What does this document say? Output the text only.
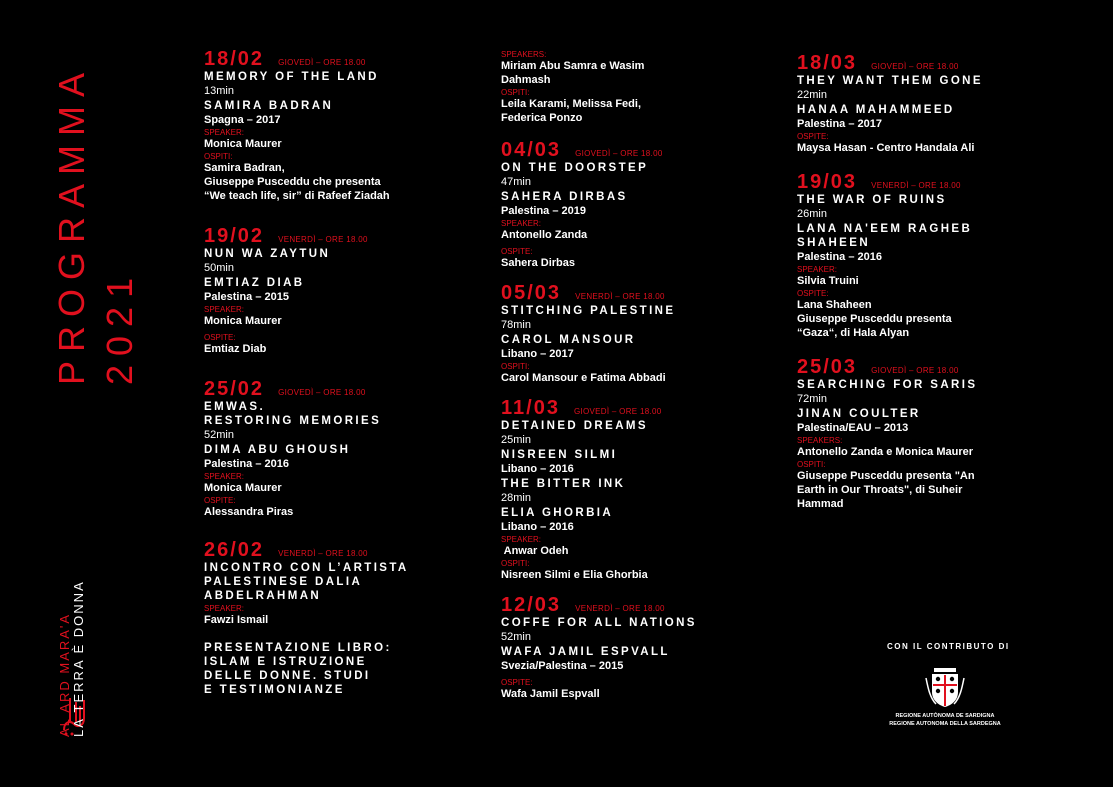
PROGRAMMA 2021
AL ARD MARA'A LA TERRA È DONNA
18/02 GIOVEDÌ – ORE 18.00
MEMORY OF THE LAND
13min
SAMIRA BADRAN
Spagna – 2017
SPEAKER:
Monica Maurer
OSPITI:
Samira Badran,
Giuseppe Pusceddu che presenta
“We teach life, sir” di Rafeef Ziadah
19/02 VENERDÌ – ORE 18.00
NUN WA ZAYTUN
50min
EMTIAZ DIAB
Palestina – 2015
SPEAKER:
Monica Maurer
OSPITE:
Emtiaz Diab
25/02 GIOVEDÌ – ORE 18.00
EMWAS.
RESTORING MEMORIES
52min
DIMA ABU GHOUSH
Palestina – 2016
SPEAKER:
Monica Maurer
OSPITE:
Alessandra Piras
26/02 VENERDÌ – ORE 18.00
INCONTRO CON L’ARTISTA
PALESTINESE DALIA
ABDELRAHMAN
SPEAKER:
Fawzi Ismail
PRESENTAZIONE LIBRO:
ISLAM E ISTRUZIONE
DELLE DONNE. STUDI
E TESTIMONIANZE
SPEAKERS:
Miriam Abu Samra e Wasim
Dahmash
OSPITI:
Leila Karami, Melissa Fedi,
Federica Ponzo
04/03 GIOVEDÌ – ORE 18.00
ON THE DOORSTEP
47min
SAHERA DIRBAS
Palestina – 2019
SPEAKER:
Antonello Zanda
OSPITE:
Sahera Dirbas
05/03 VENERDÌ – ORE 18.00
STITCHING PALESTINE
78min
CAROL MANSOUR
Libano – 2017
OSPITI:
Carol Mansour e Fatima Abbadi
11/03 GIOVEDÌ – ORE 18.00
DETAINED DREAMS
25min
NISREEN SILMI
Libano – 2016
THE BITTER INK
28min
ELIA GHORBIA
Libano – 2016
SPEAKER:
Anwar Odeh
OSPITI:
Nisreen Silmi e Elia Ghorbia
12/03 VENERDÌ – ORE 18.00
COFFE FOR ALL NATIONS
52min
WAFA JAMIL ESPVALL
Svezia/Palestina – 2015
OSPITE:
Wafa Jamil Espvall
18/03 GIOVEDÌ – ORE 18.00
THEY WANT THEM GONE
22min
HANAA MAHAMMEED
Palestina – 2017
OSPITE:
Maysa Hasan - Centro Handala Ali
19/03 VENERDÌ – ORE 18.00
THE WAR OF RUINS
26min
LANA NA'EEM RAGHEB
SHAHEEN
Palestina – 2016
SPEAKER:
Silvia Truini
OSPITE:
Lana Shaheen
Giuseppe Pusceddu presenta
“Gaza“, di Hala Alyan
25/03 GIOVEDÌ – ORE 18.00
SEARCHING FOR SARIS
72min
JINAN COULTER
Palestina/EAU – 2013
SPEAKERS:
Antonello Zanda e Monica Maurer
OSPITI:
Giuseppe Pusceddu presenta "An
Earth in Our Throats", di Suheir
Hammad
CON IL CONTRIBUTO DI
REGIONE AUTÒNOMA DE SARDIGNA
REGIONE AUTONOMA DELLA SARDEGNA
